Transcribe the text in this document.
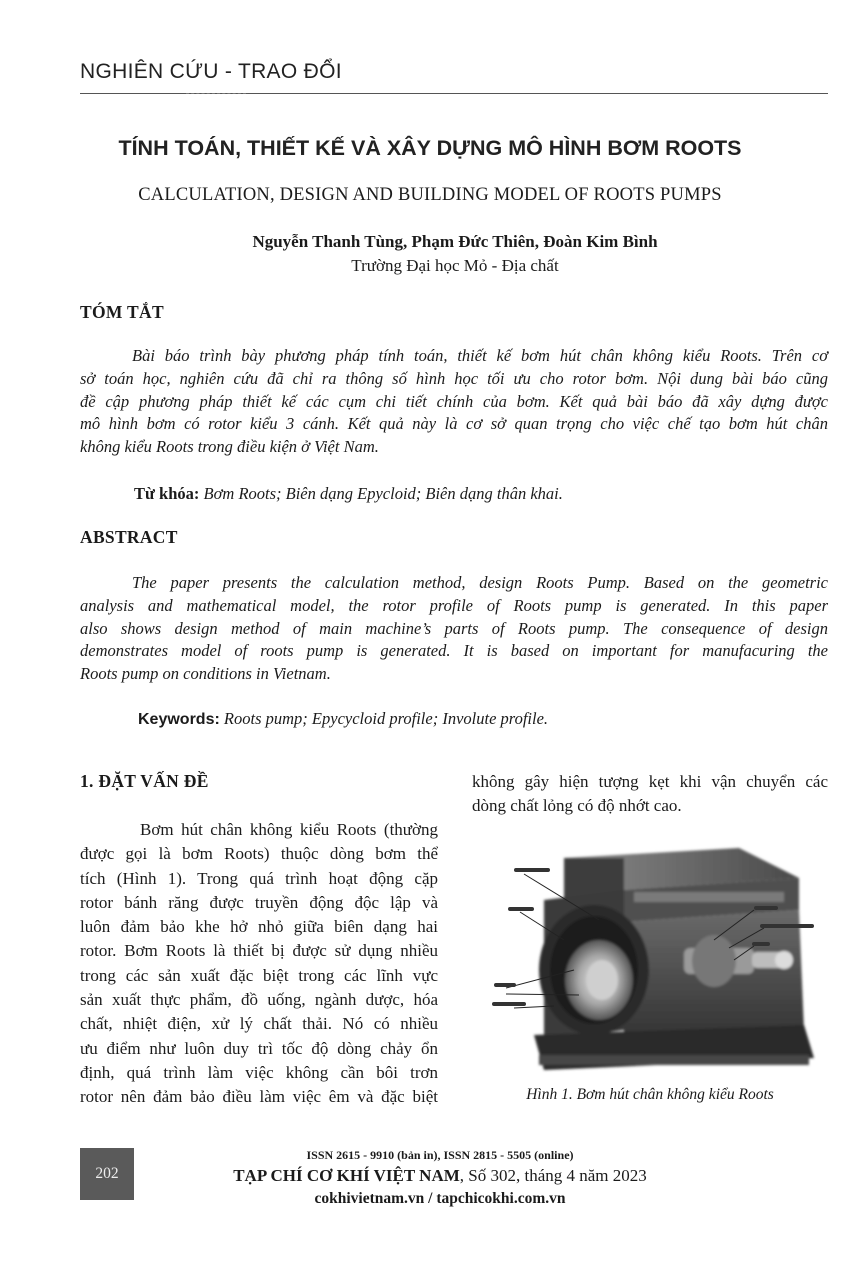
NGHIÊN CỨU - TRAO ĐỔI
TÍNH TOÁN, THIẾT KẾ VÀ XÂY DỰNG MÔ HÌNH BƠM ROOTS
CALCULATION, DESIGN AND BUILDING MODEL OF ROOTS PUMPS
Nguyễn Thanh Tùng, Phạm Đức Thiên, Đoàn Kim Bình
Trường Đại học Mỏ - Địa chất
TÓM TẮT
Bài báo trình bày phương pháp tính toán, thiết kế bơm hút chân không kiểu Roots. Trên cơ
sở toán học, nghiên cứu đã chỉ ra thông số hình học tối ưu cho rotor bơm. Nội dung bài báo cũng
đề cập phương pháp thiết kế các cụm chi tiết chính của bơm. Kết quả bài báo đã xây dựng được
mô hình bơm có rotor kiểu 3 cánh. Kết quả này là cơ sở quan trọng cho việc chế tạo bơm hút chân
không kiểu Roots trong điều kiện ở Việt Nam.
Từ khóa: Bơm Roots; Biên dạng Epycloid; Biên dạng thân khai.
ABSTRACT
The paper presents the calculation method, design Roots Pump. Based on the geometric
analysis and mathematical model, the rotor profile of Roots pump is generated. In this paper
also shows design method of main machine’s parts of Roots pump. The consequence of design
demonstrates model of roots pump is generated. It is based on important for manufacuring the
Roots pump on conditions in Vietnam.
Keywords: Roots pump; Epycycloid profile; Involute profile.
1. ĐẶT VẤN ĐỀ
Bơm hút chân không kiểu Roots (thường
được gọi là bơm Roots) thuộc dòng bơm thể
tích (Hình 1). Trong quá trình hoạt động cặp
rotor bánh răng được truyền động độc lập và
luôn đảm bảo khe hở nhỏ giữa biên dạng hai
rotor. Bơm Roots là thiết bị được sử dụng nhiều
trong các sản xuất đặc biệt trong các lĩnh vực
sản xuất thực phẩm, đồ uống, ngành dược, hóa
chất, nhiệt điện, xử lý chất thải. Nó có nhiều
ưu điểm như luôn duy trì tốc độ dòng chảy ổn
định, quá trình làm việc không cần bôi trơn
rotor nên đảm bảo điều làm việc êm và đặc biệt
không gây hiện tượng kẹt khi vận chuyển các
dòng chất lỏng có độ nhớt cao.
Hình 1. Bơm hút chân không kiểu Roots
202
ISSN 2615 - 9910 (bản in), ISSN 2815 - 5505 (online)
TẠP CHÍ CƠ KHÍ VIỆT NAM, Số 302, tháng 4 năm 2023
cokhivietnam.vn / tapchicokhi.com.vn
